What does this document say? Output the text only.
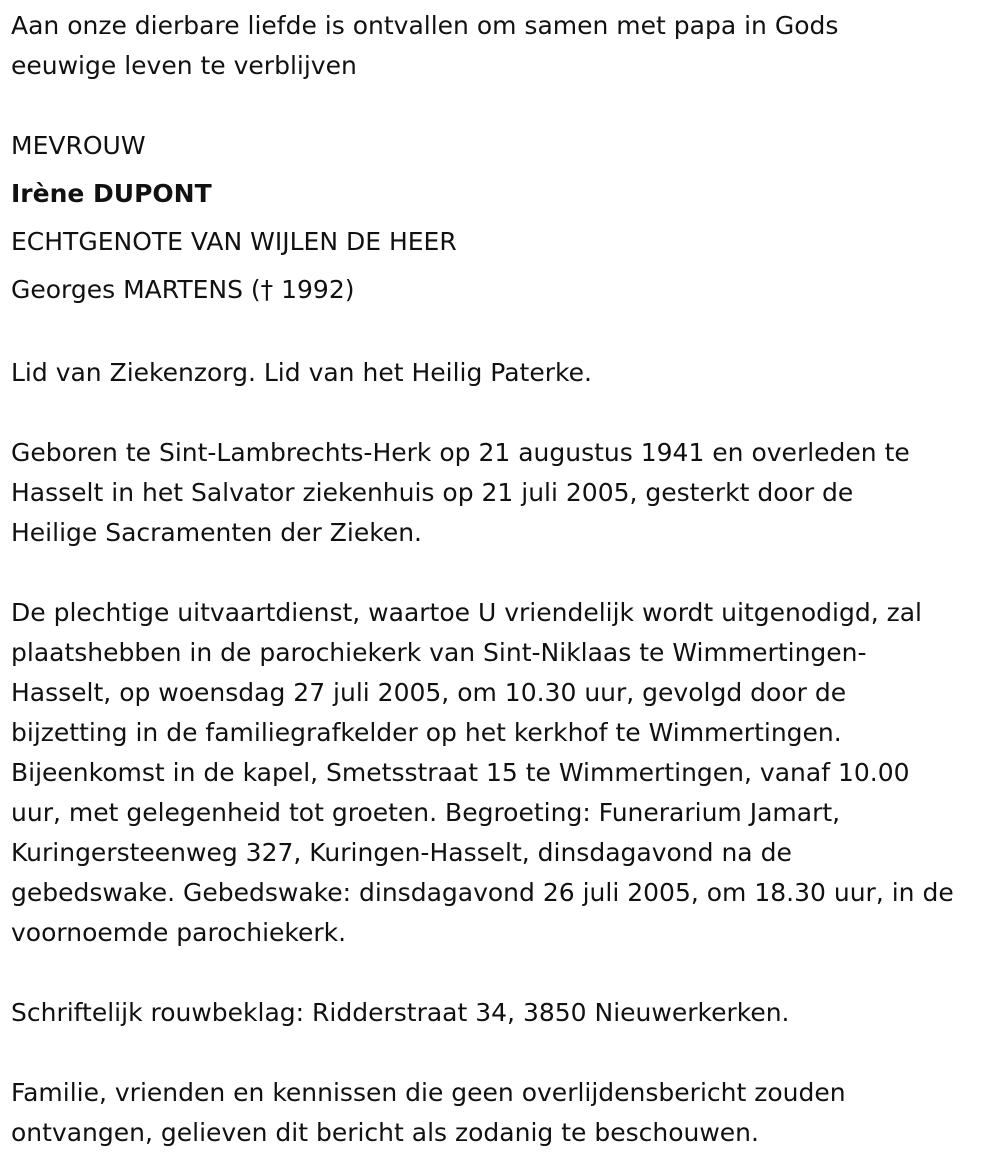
Aan onze dierbare liefde is ontvallen om samen met papa in Gods

eeuwige leven te verblijven

MEVROUW

Irène DUPONT

ECHTGENOTE VAN WIJLEN DE HEER

Georges MARTENS († 1992)

Lid van Ziekenzorg. Lid van het Heilig Paterke.

Geboren te Sint-Lambrechts-Herk op 21 augustus 1941 en overleden te

Hasselt in het Salvator ziekenhuis op 21 juli 2005, gesterkt door de

Heilige Sacramenten der Zieken.

De plechtige uitvaartdienst, waartoe U vriendelijk wordt uitgenodigd, zal

plaatshebben in de parochiekerk van Sint-Niklaas te Wimmertingen-

Hasselt, op woensdag 27 juli 2005, om 10.30 uur, gevolgd door de

bijzetting in de familiegrafkelder op het kerkhof te Wimmertingen.

Bijeenkomst in de kapel, Smetsstraat 15 te Wimmertingen, vanaf 10.00

uur, met gelegenheid tot groeten. Begroeting: Funerarium Jamart,

Kuringersteenweg 327, Kuringen-Hasselt, dinsdagavond na de

gebedswake. Gebedswake: dinsdagavond 26 juli 2005, om 18.30 uur, in de

voornoemde parochiekerk.

Schriftelijk rouwbeklag: Ridderstraat 34, 3850 Nieuwerkerken.

Familie, vrienden en kennissen die geen overlijdensbericht zouden

ontvangen, gelieven dit bericht als zodanig te beschouwen.
